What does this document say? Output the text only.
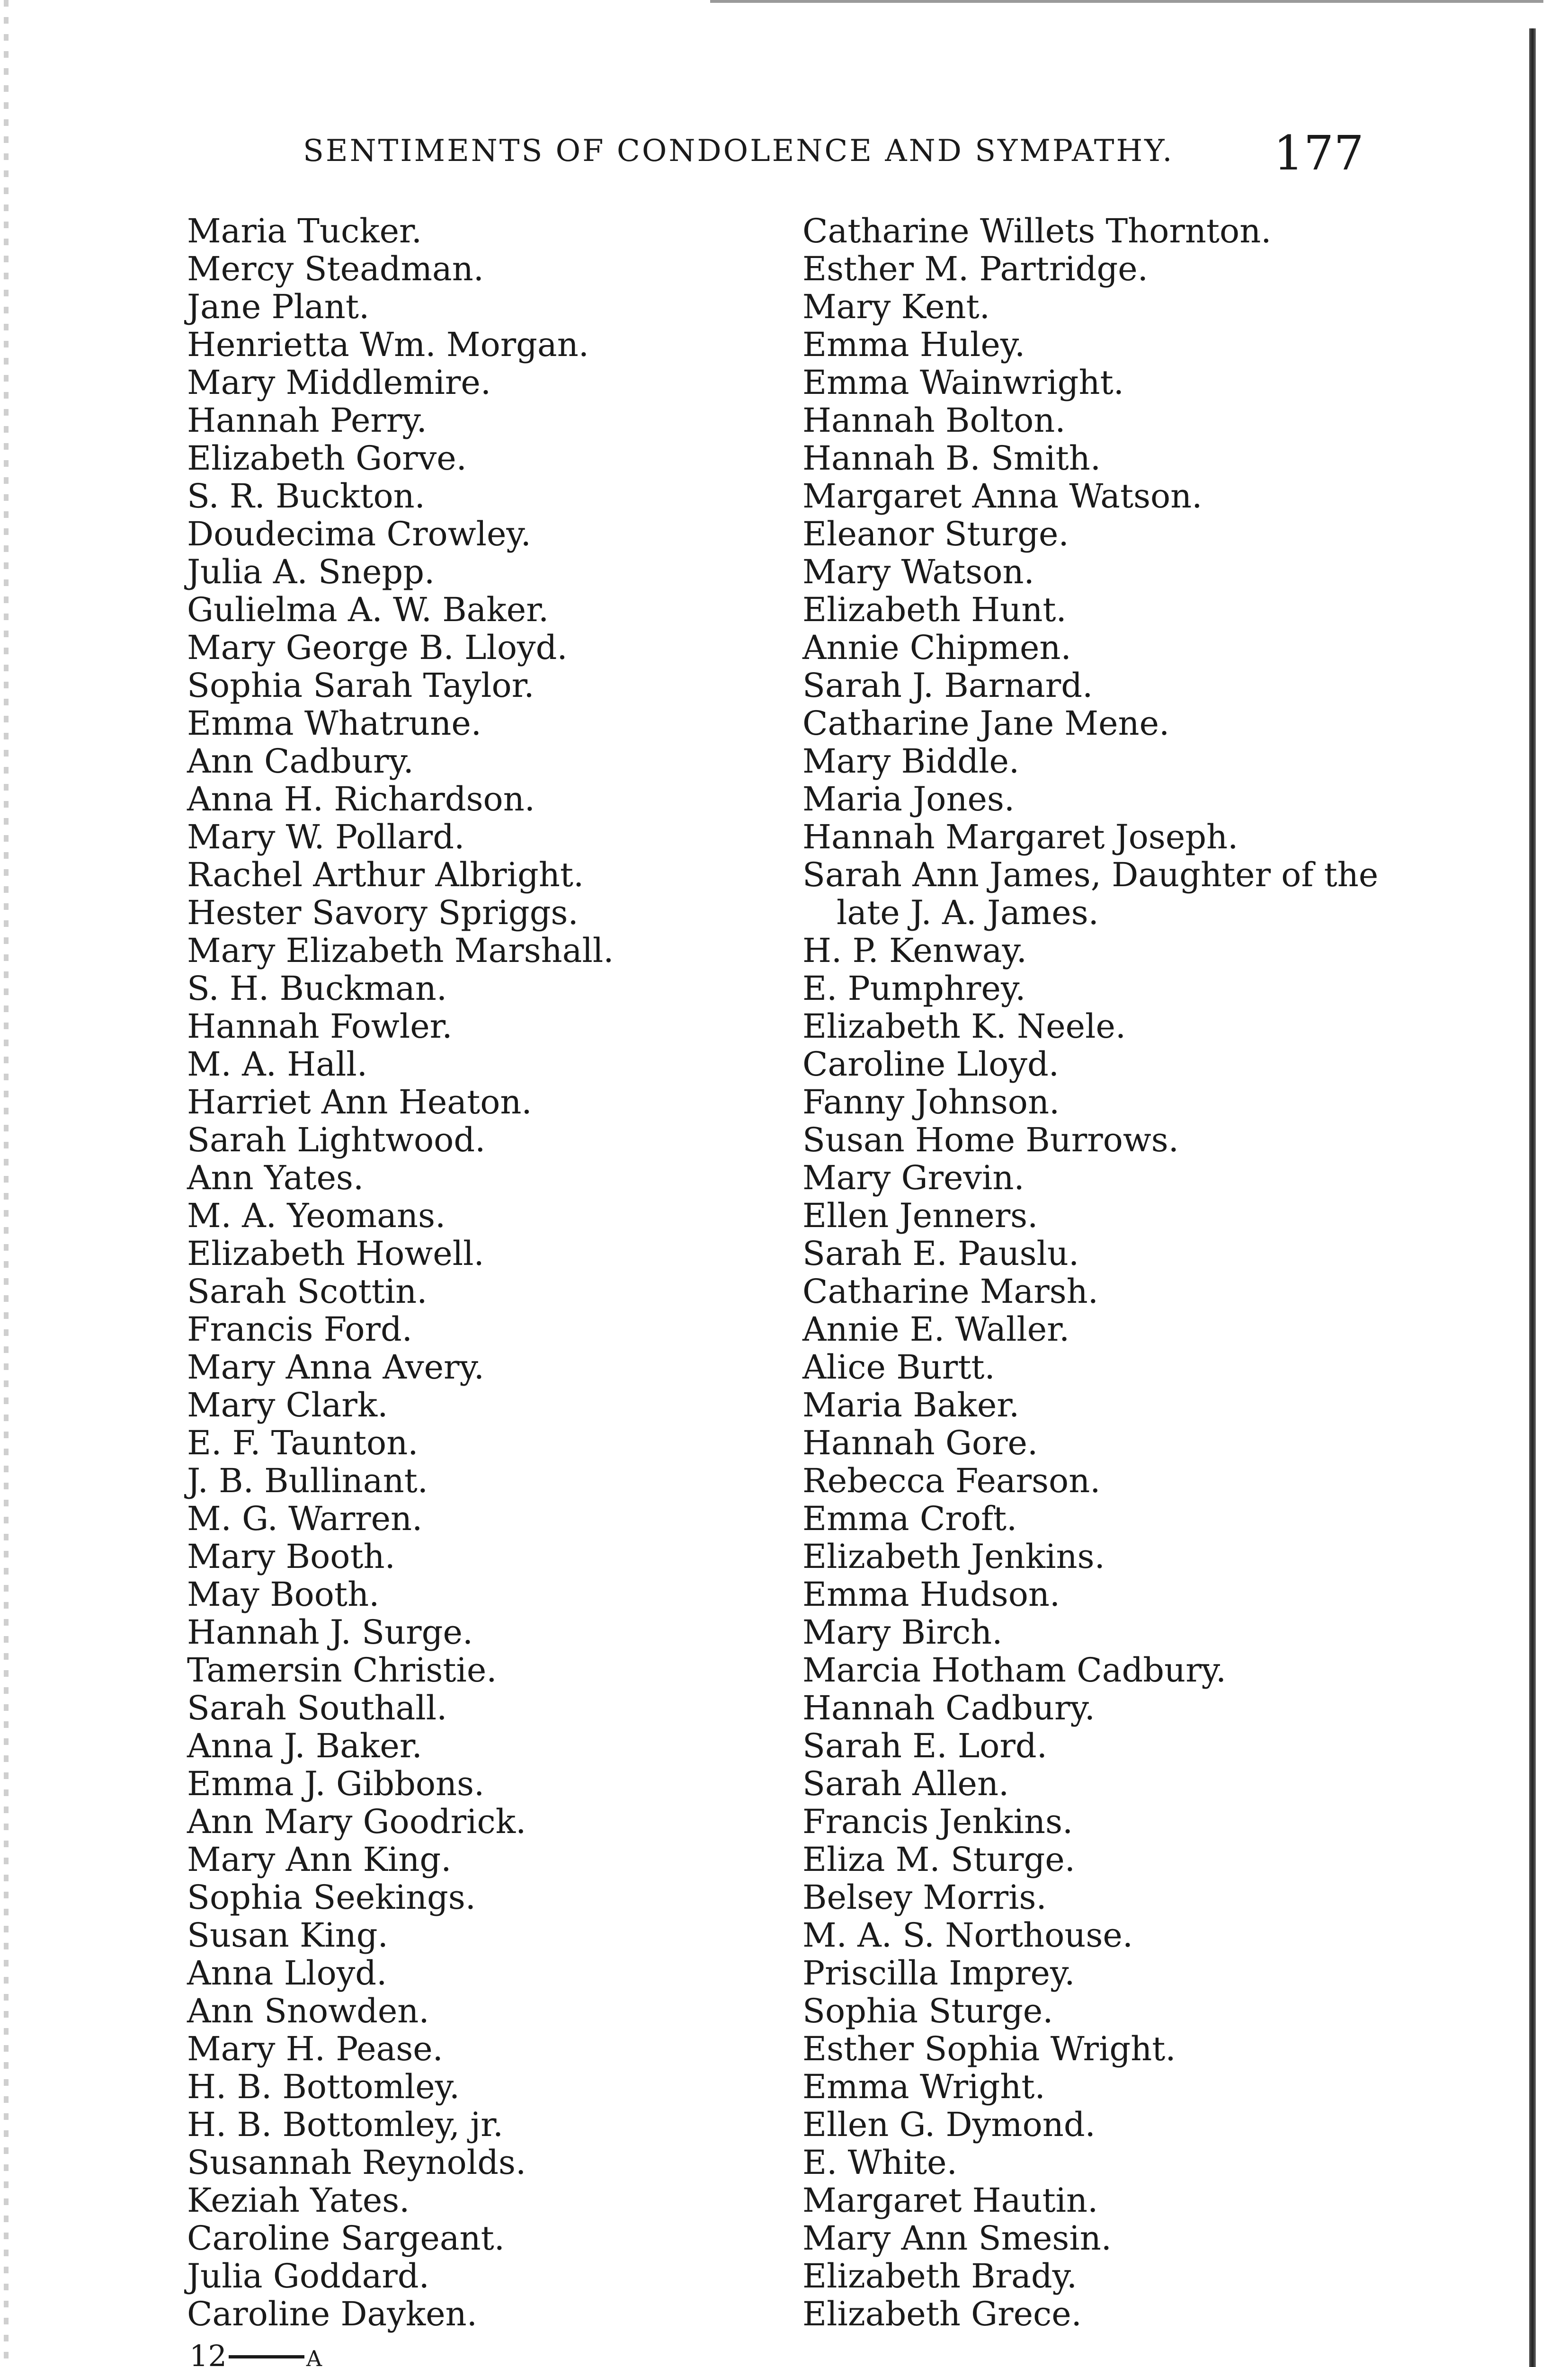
SENTIMENTS OF CONDOLENCE AND SYMPATHY. 177
Maria Tucker.
Mercy Steadman.
Jane Plant.
Henrietta Wm. Morgan.
Mary Middlemire.
Hannah Perry.
Elizabeth Gorve.
S. R. Buckton.
Doudecima Crowley.
Julia A. Snepp.
Gulielma A. W. Baker.
Mary George B. Lloyd.
Sophia Sarah Taylor.
Emma Whatrune.
Ann Cadbury.
Anna H. Richardson.
Mary W. Pollard.
Rachel Arthur Albright.
Hester Savory Spriggs.
Mary Elizabeth Marshall.
S. H. Buckman.
Hannah Fowler.
M. A. Hall.
Harriet Ann Heaton.
Sarah Lightwood.
Ann Yates.
M. A. Yeomans.
Elizabeth Howell.
Sarah Scottin.
Francis Ford.
Mary Anna Avery.
Mary Clark.
E. F. Taunton.
J. B. Bullinant.
M. G. Warren.
Mary Booth.
May Booth.
Hannah J. Surge.
Tamersin Christie.
Sarah Southall.
Anna J. Baker.
Emma J. Gibbons.
Ann Mary Goodrick.
Mary Ann King.
Sophia Seekings.
Susan King.
Anna Lloyd.
Ann Snowden.
Mary H. Pease.
H. B. Bottomley.
H. B. Bottomley, jr.
Susannah Reynolds.
Keziah Yates.
Caroline Sargeant.
Julia Goddard.
Caroline Dayken.
Catharine Willets Thornton.
Esther M. Partridge.
Mary Kent.
Emma Huley.
Emma Wainwright.
Hannah Bolton.
Hannah B. Smith.
Margaret Anna Watson.
Eleanor Sturge.
Mary Watson.
Elizabeth Hunt.
Annie Chipmen.
Sarah J. Barnard.
Catharine Jane Mene.
Mary Biddle.
Maria Jones.
Hannah Margaret Joseph.
Sarah Ann James, Daughter of the
late J. A. James.
H. P. Kenway.
E. Pumphrey.
Elizabeth K. Neele.
Caroline Lloyd.
Fanny Johnson.
Susan Home Burrows.
Mary Grevin.
Ellen Jenners.
Sarah E. Pauslu.
Catharine Marsh.
Annie E. Waller.
Alice Burtt.
Maria Baker.
Hannah Gore.
Rebecca Fearson.
Emma Croft.
Elizabeth Jenkins.
Emma Hudson.
Mary Birch.
Marcia Hotham Cadbury.
Hannah Cadbury.
Sarah E. Lord.
Sarah Allen.
Francis Jenkins.
Eliza M. Sturge.
Belsey Morris.
M. A. S. Northouse.
Priscilla Imprey.
Sophia Sturge.
Esther Sophia Wright.
Emma Wright.
Ellen G. Dymond.
E. White.
Margaret Hautin.
Mary Ann Smesin.
Elizabeth Brady.
Elizabeth Grece.
12	A
